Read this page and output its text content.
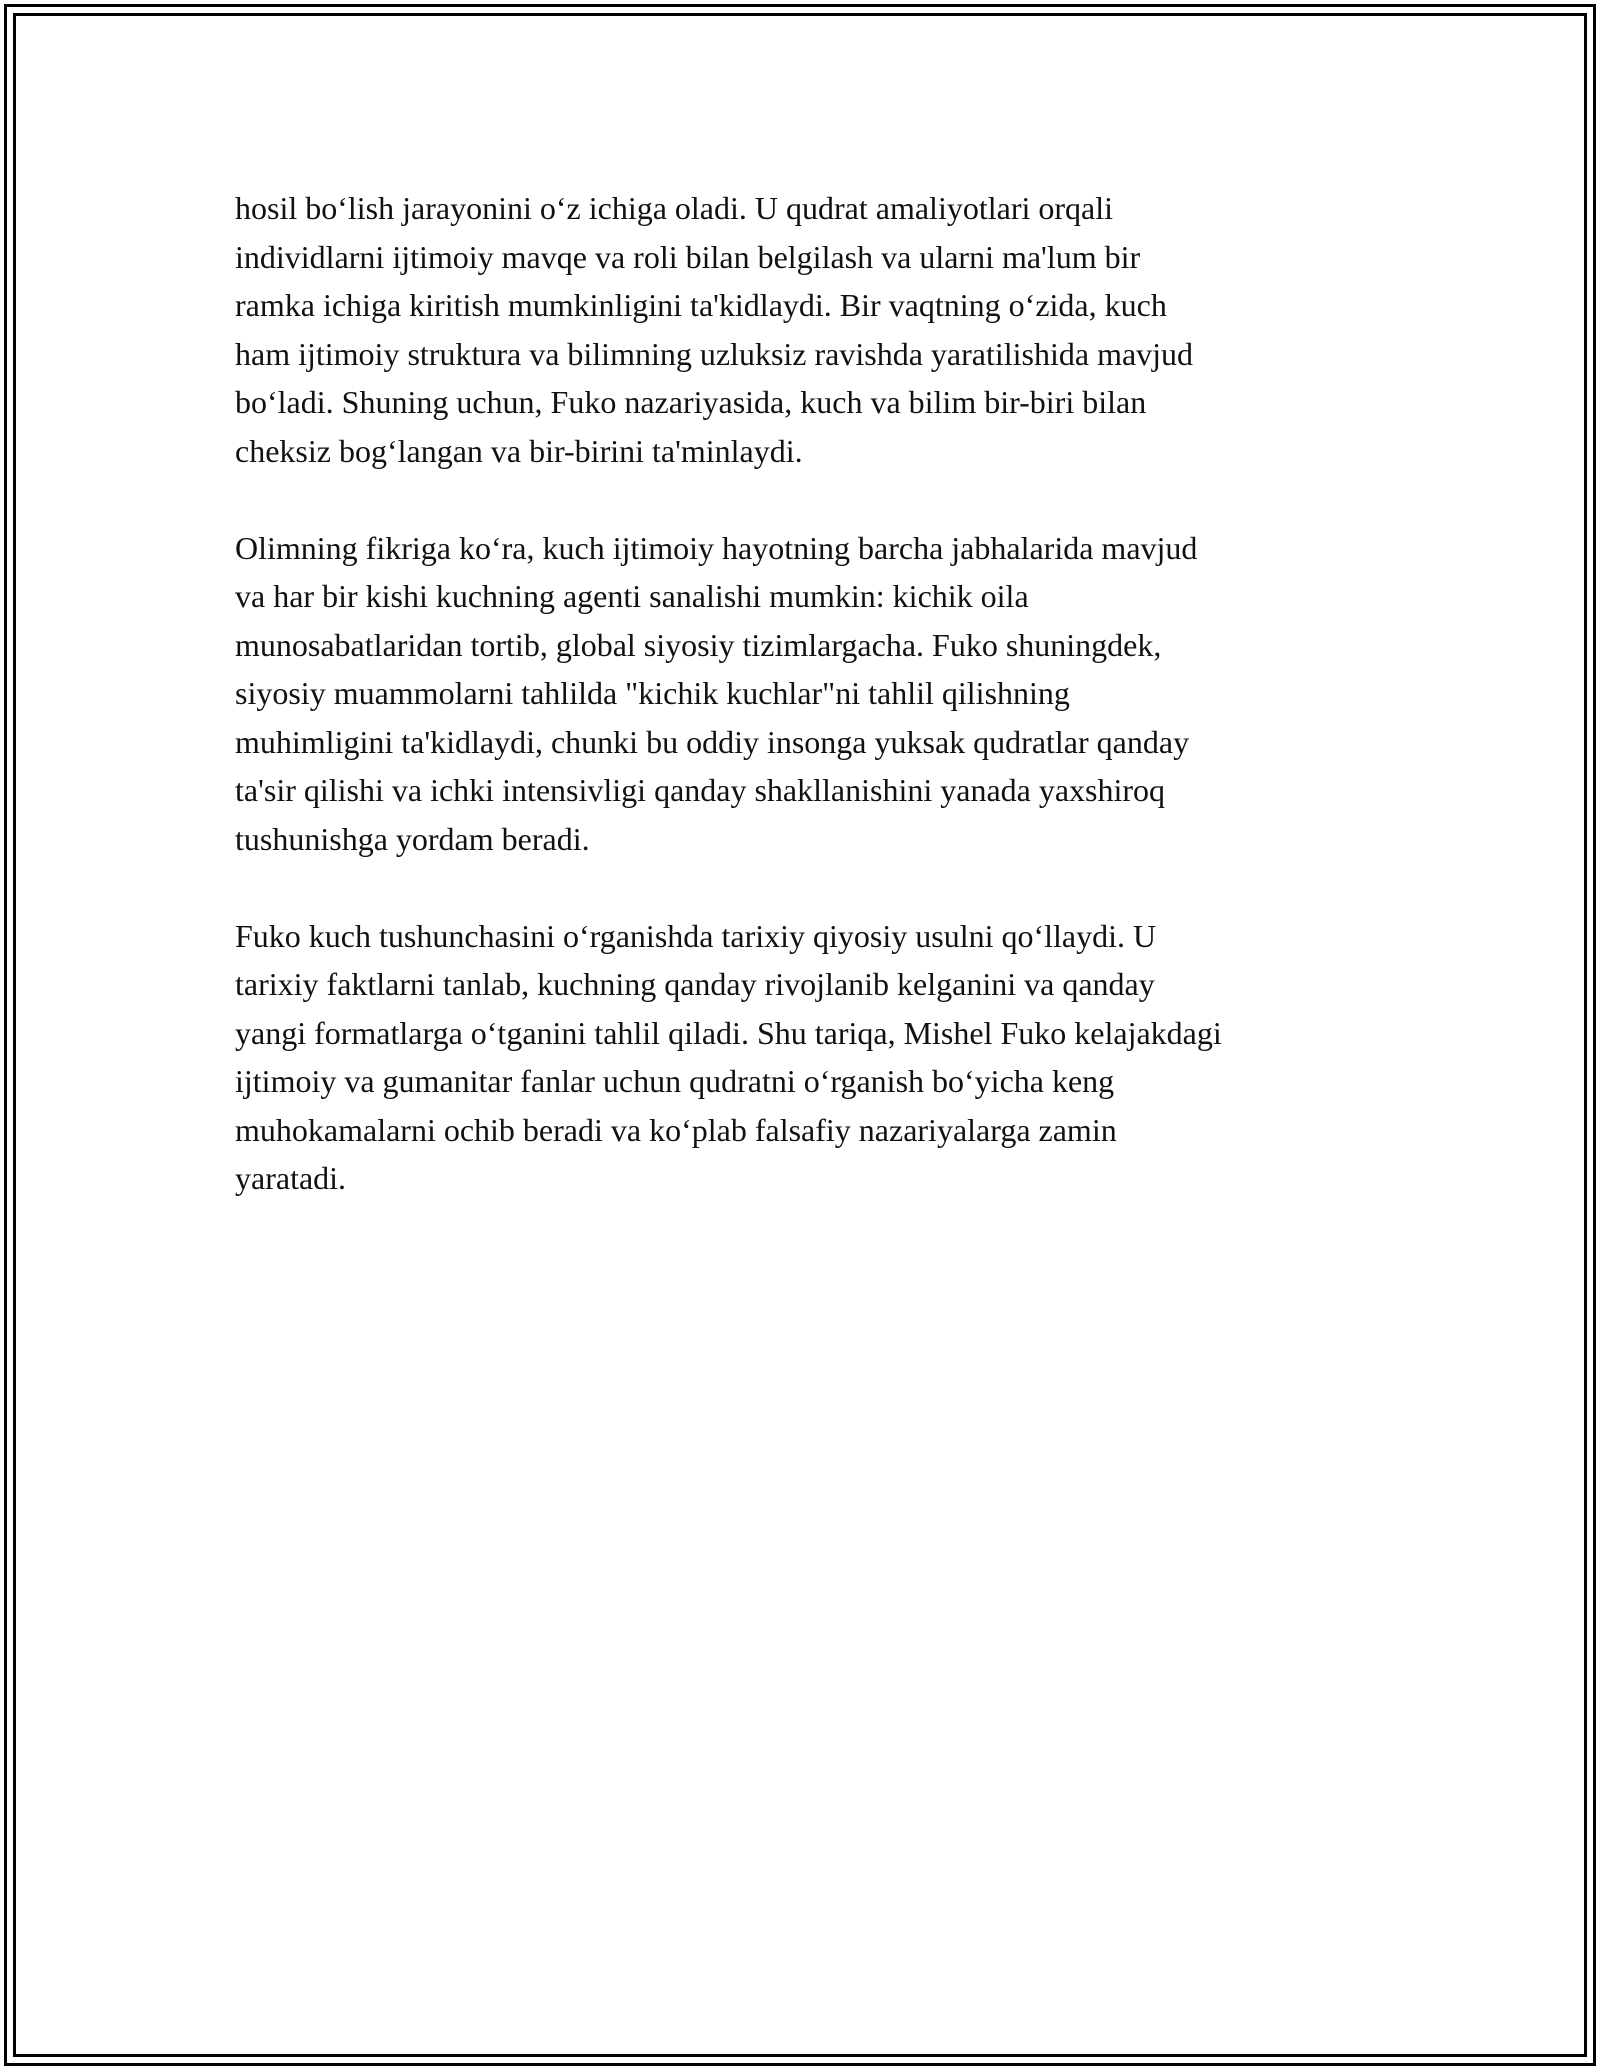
hosil boʻlish jarayonini oʻz ichiga oladi. U qudrat amaliyotlari orqali
individlarni ijtimoiy mavqe va roli bilan belgilash va ularni ma'lum bir
ramka ichiga kiritish mumkinligini ta'kidlaydi. Bir vaqtning oʻzida, kuch
ham ijtimoiy struktura va bilimning uzluksiz ravishda yaratilishida mavjud
boʻladi. Shuning uchun, Fuko nazariyasida, kuch va bilim bir-biri bilan
cheksiz bogʻlangan va bir-birini ta'minlaydi.

Olimning fikriga koʻra, kuch ijtimoiy hayotning barcha jabhalarida mavjud
va har bir kishi kuchning agenti sanalishi mumkin: kichik oila
munosabatlaridan tortib, global siyosiy tizimlargacha. Fuko shuningdek,
siyosiy muammolarni tahlilda "kichik kuchlar"ni tahlil qilishning
muhimligini ta'kidlaydi, chunki bu oddiy insonga yuksak qudratlar qanday
ta'sir qilishi va ichki intensivligi qanday shakllanishini yanada yaxshiroq
tushunishga yordam beradi.

Fuko kuch tushunchasini oʻrganishda tarixiy qiyosiy usulni qoʻllaydi. U
tarixiy faktlarni tanlab, kuchning qanday rivojlanib kelganini va qanday
yangi formatlarga oʻtganini tahlil qiladi. Shu tariqa, Mishel Fuko kelajakdagi
ijtimoiy va gumanitar fanlar uchun qudratni oʻrganish boʻyicha keng
muhokamalarni ochib beradi va koʻplab falsafiy nazariyalarga zamin
yaratadi.
